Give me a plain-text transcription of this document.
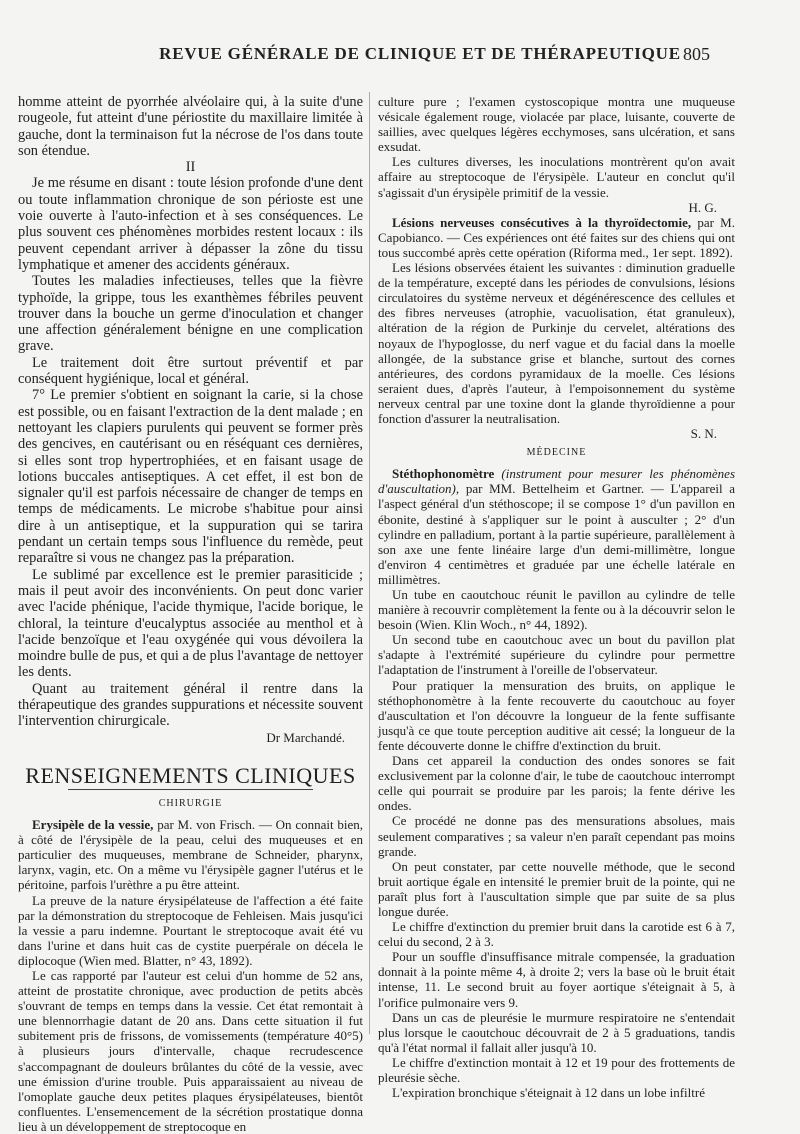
REVUE GÉNÉRALE DE CLINIQUE ET DE THÉRAPEUTIQUE 805

homme atteint de pyorrhée alvéolaire qui, à la suite d'une rougeole, fut atteint d'une périostite du maxillaire limitée à gauche, dont la terminaison fut la nécrose de l'os dans toute son étendue.

II

Je me résume en disant : toute lésion profonde d'une dent ou toute inflammation chronique de son périoste est une voie ouverte à l'auto-infection et à ses conséquences. Le plus souvent ces phénomènes morbides restent locaux : ils peuvent cependant arriver à dépasser la zône du tissu lymphatique et amener des accidents généraux.

Toutes les maladies infectieuses, telles que la fièvre typhoïde, la grippe, tous les exanthèmes fébriles peuvent trouver dans la bouche un germe d'inoculation et changer une affection généralement bénigne en une complication grave.

Le traitement doit être surtout préventif et par conséquent hygiénique, local et général.

7° Le premier s'obtient en soignant la carie, si la chose est possible, ou en faisant l'extraction de la dent malade ; en nettoyant les clapiers purulents qui peuvent se former près des gencives, en cautérisant ou en réséquant ces dernières, si elles sont trop hypertrophiées, et en faisant usage de lotions buccales antiseptiques. A cet effet, il est bon de signaler qu'il est parfois nécessaire de changer de temps en temps de médicaments. Le microbe s'habitue pour ainsi dire à un antiseptique, et la suppuration qui se tarira pendant un certain temps sous l'influence du remède, peut reparaître si vous ne changez pas la préparation.

Le sublimé par excellence est le premier parasiticide ; mais il peut avoir des inconvénients. On peut donc varier avec l'acide phénique, l'acide thymique, l'acide borique, le chloral, la teinture d'eucalyptus associée au menthol et à l'acide benzoïque et l'eau oxygénée qui vous dévoilera la moindre bulle de pus, et qui a de plus l'avantage de nettoyer les dents.

Quant au traitement général il rentre dans la thérapeutique des grandes suppurations et nécessite souvent l'intervention chirurgicale.

Dr Marchandé.

RENSEIGNEMENTS CLINIQUES

CHIRURGIE

Erysipèle de la vessie, par M. von Frisch. — On connait bien, à côté de l'érysipèle de la peau, celui des muqueuses et en particulier des muqueuses, membrane de Schneider, pharynx, larynx, vagin, etc. On a même vu l'érysipèle gagner l'utérus et le péritoine, parfois l'urèthre a pu être atteint.

La preuve de la nature érysipélateuse de l'affection a été faite par la démonstration du streptocoque de Fehleisen. Mais jusqu'ici la vessie a paru indemne. Pourtant le streptocoque avait été vu dans l'urine et dans huit cas de cystite puerpérale on décela le diplocoque (Wien med. Blatter, n° 43, 1892).

Le cas rapporté par l'auteur est celui d'un homme de 52 ans, atteint de prostatite chronique, avec production de petits abcès s'ouvrant de temps en temps dans la vessie. Cet état remontait à une blennorrhagie datant de 20 ans. Dans cette situation il fut subitement pris de frissons, de vomissements (température 40°5) à plusieurs jours d'intervalle, chaque recrudescence s'accompagnant de douleurs brûlantes du côté de la vessie, avec une émission d'urine trouble. Puis apparaissaient au niveau de l'omoplate gauche deux petites plaques érysipélateuses, bientôt confluentes. L'ensemencement de la sécrétion prostatique donna lieu à un développement de streptocoque en

culture pure ; l'examen cystoscopique montra une muqueuse vésicale également rouge, violacée par place, luisante, couverte de saillies, avec quelques légères ecchymoses, sans ulcération, et sans exsudat.

Les cultures diverses, les inoculations montrèrent qu'on avait affaire au streptocoque de l'érysipèle. L'auteur en conclut qu'il s'agissait d'un érysipèle primitif de la vessie.

H. G.

Lésions nerveuses consécutives à la thyroïdectomie, par M. Capobianco. — Ces expériences ont été faites sur des chiens qui ont tous succombé après cette opération (Riforma med., 1er sept. 1892).

Les lésions observées étaient les suivantes : diminution graduelle de la température, excepté dans les périodes de convulsions, lésions circulatoires du système nerveux et dégénérescence des cellules et des fibres nerveuses (atrophie, vacuolisation, état granuleux), altération de la région de Purkinje du cervelet, altérations des noyaux de l'hypoglosse, du nerf vague et du facial dans la moelle allongée, de la substance grise et blanche, surtout des cornes antérieures, des cordons pyramidaux de la moelle. Ces lésions seraient dues, d'après l'auteur, à l'empoisonnement du système nerveux central par une toxine dont la glande thyroïdienne a pour fonction d'assurer la neutralisation.

S. N.

MÉDECINE

Stéthophonomètre (instrument pour mesurer les phénomènes d'auscultation), par MM. Bettelheim et Gartner. — L'appareil a l'aspect général d'un stéthoscope; il se compose 1° d'un pavillon en ébonite, destiné à s'appliquer sur le point à ausculter ; 2° d'un cylindre en palladium, portant à la partie supérieure, parallèlement à son axe une fente linéaire large d'un demi-millimètre, longue d'environ 4 centimètres et graduée par une échelle latérale en millimètres.

Un tube en caoutchouc réunit le pavillon au cylindre de telle manière à recouvrir complètement la fente ou à la découvrir selon le besoin (Wien. Klin Woch., n° 44, 1892).

Un second tube en caoutchouc avec un bout du pavillon plat s'adapte à l'extrémité supérieure du cylindre pour permettre l'adaptation de l'instrument à l'oreille de l'observateur.

Pour pratiquer la mensuration des bruits, on applique le stéthophonomètre à la fente recouverte du caoutchouc au foyer d'auscultation et l'on découvre la longueur de la fente suffisante jusqu'à ce que toute perception auditive ait cessé; la longueur de la fente découverte donne le chiffre d'extinction du bruit.

Dans cet appareil la conduction des ondes sonores se fait exclusivement par la colonne d'air, le tube de caoutchouc interrompt celle qui pourrait se produire par les parois; la fente dérive les ondes.

Ce procédé ne donne pas des mensurations absolues, mais seulement comparatives ; sa valeur n'en paraît cependant pas moins grande.

On peut constater, par cette nouvelle méthode, que le second bruit aortique égale en intensité le premier bruit de la pointe, qui ne paraît plus fort à l'auscultation simple que par suite de sa plus longue durée.

Le chiffre d'extinction du premier bruit dans la carotide est 6 à 7, celui du second, 2 à 3.

Pour un souffle d'insuffisance mitrale compensée, la graduation donnait à la pointe même 4, à droite 2; vers la base où le bruit était intense, 11. Le second bruit au foyer aortique s'éteignait à 5, à l'orifice pulmonaire vers 9.

Dans un cas de pleurésie le murmure respiratoire ne s'entendait plus lorsque le caoutchouc découvrait de 2 à 5 graduations, tandis qu'à l'état normal il fallait aller jusqu'à 10.

Le chiffre d'extinction montait à 12 et 19 pour des frottements de pleurésie sèche.

L'expiration bronchique s'éteignait à 12 dans un lobe infiltré
